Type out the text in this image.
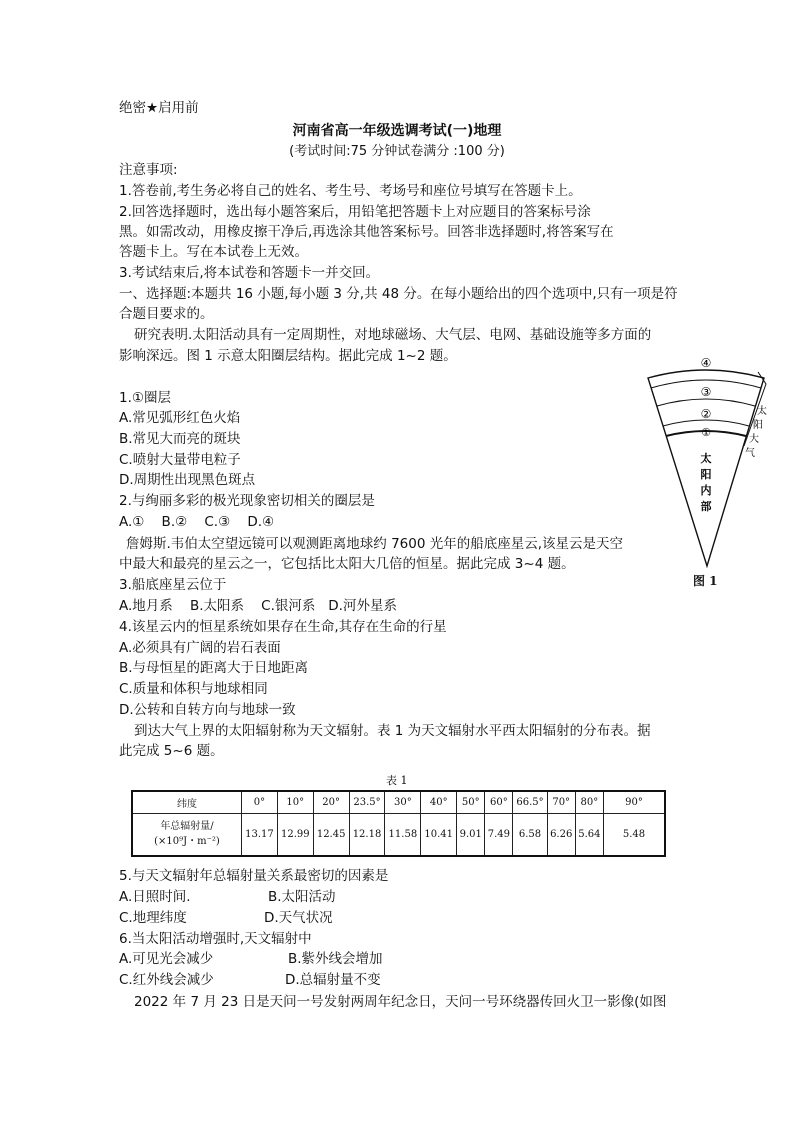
绝密★启用前
河南省高一年级选调考试(一)地理
(考试时间:75 分钟试卷满分 :100 分)
注意事项:
1.答卷前,考生务必将自己的姓名、考生号、考场号和座位号填写在答题卡上。
2.回答选择题时，选出每小题答案后，用铅笔把答题卡上对应题目的答案标号涂
黑。如需改动，用橡皮擦干净后,再选涂其他答案标号。回答非选择题时,将答案写在
答题卡上。写在本试卷上无效。
3.考试结束后,将本试卷和答题卡一并交回。
一、选择题:本题共 16 小题,每小题 3 分,共 48 分。在每小题给出的四个选项中,只有一项是符
合题目要求的。
研究表明.太阳活动具有一定周期性，对地球磁场、大气层、电网、基础设施等多方面的
影响深远。图 1 示意太阳圈层结构。据此完成 1~2 题。
1.①圈层
A.常见弧形红色火焰
B.常见大而亮的斑块
C.喷射大量带电粒子
D.周期性出现黑色斑点
2.与绚丽多彩的极光现象密切相关的圈层是
A.①    B.②    C.③    D.④
詹姆斯.韦伯太空望远镜可以观测距离地球约 7600 光年的船底座星云,该星云是天空
中最大和最亮的星云之一，它包括比太阳大几倍的恒星。据此完成 3~4 题。
3.船底座星云位于
A.地月系    B.太阳系    C.银河系   D.河外星系
4.该星云内的恒星系统如果存在生命,其存在生命的行星
A.必须具有广阔的岩石表面
B.与母恒星的距离大于日地距离
C.质量和体积与地球相同
D.公转和自转方向与地球一致
到达大气上界的太阳辐射称为天文辐射。表 1 为天文辐射水平西太阳辐射的分布表。据
此完成 5~6 题。
表 1
纬度	0°	10°	20°	23.5°	30°	40°	50°	60°	66.5°	70°	80°	90°

年总辐射量/
(×10⁹J・m⁻²)	13.17	12.99	12.45	12.18	11.58	10.41	9.01	7.49	6.58	6.26	5.64	5.48
5.与天文辐射年总辐射量关系最密切的因素是
A.日照时间.	B.太阳活动
C.地理纬度	D.天气状况
6.当太阳活动增强时,天文辐射中
A.可见光会减少	B.紫外线会增加
C.红外线会减少	D.总辐射量不变
2022 年 7 月 23 日是天问一号发射两周年纪念日，天问一号环绕器传回火卫一影像(如图
④
③
②
①
太
阳
大
气
太
阳
内
部
图 1
